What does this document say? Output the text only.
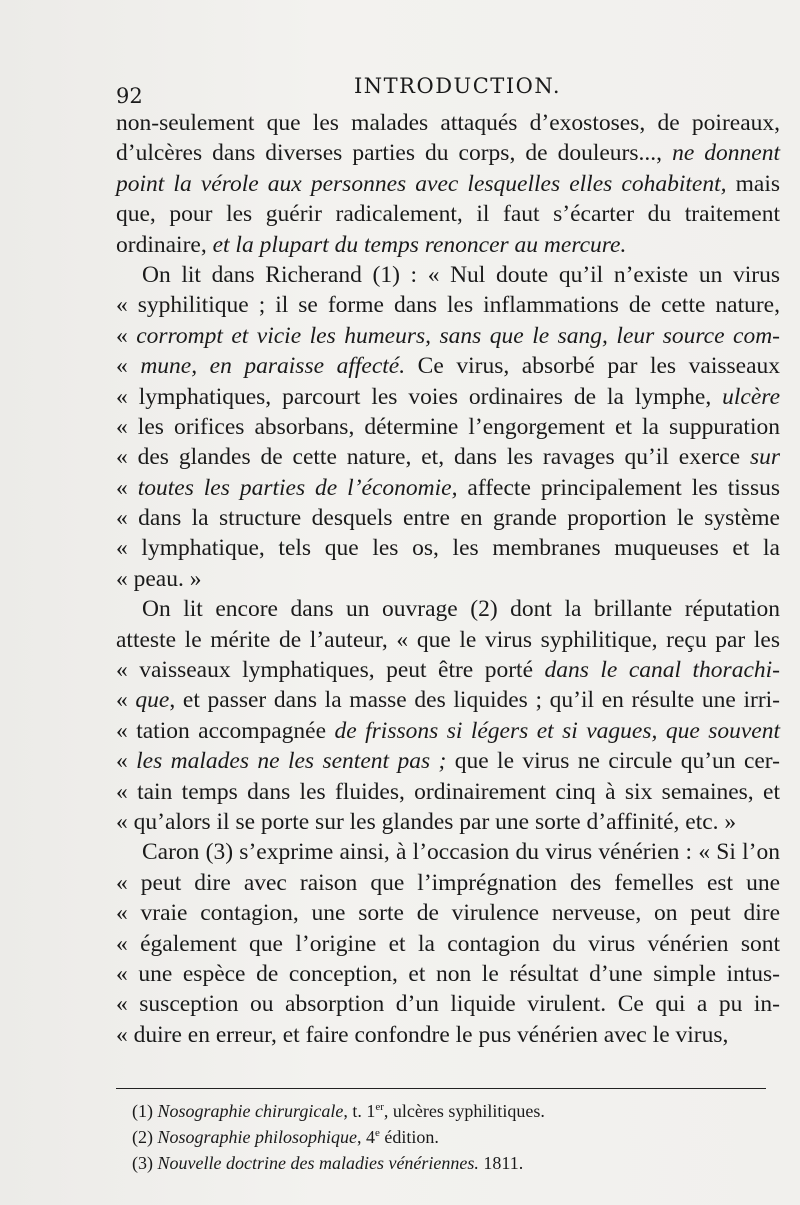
92	INTRODUCTION.
non-seulement que les malades attaqués d’exostoses, de poireaux,
d’ulcères dans diverses parties du corps, de douleurs..., ne donnent
point la vérole aux personnes avec lesquelles elles cohabitent, mais
que, pour les guérir radicalement, il faut s’écarter du traitement
ordinaire, et la plupart du temps renoncer au mercure.
On lit dans Richerand (1) : « Nul doute qu’il n’existe un virus
« syphilitique ; il se forme dans les inflammations de cette nature,
« corrompt et vicie les humeurs, sans que le sang, leur source com-
« mune, en paraisse affecté. Ce virus, absorbé par les vaisseaux
« lymphatiques, parcourt les voies ordinaires de la lymphe, ulcère
« les orifices absorbans, détermine l’engorgement et la suppuration
« des glandes de cette nature, et, dans les ravages qu’il exerce sur
« toutes les parties de l’économie, affecte principalement les tissus
« dans la structure desquels entre en grande proportion le système
« lymphatique, tels que les os, les membranes muqueuses et la
« peau. »
On lit encore dans un ouvrage (2) dont la brillante réputation
atteste le mérite de l’auteur, « que le virus syphilitique, reçu par les
« vaisseaux lymphatiques, peut être porté dans le canal thorachi-
« que, et passer dans la masse des liquides ; qu’il en résulte une irri-
« tation accompagnée de frissons si légers et si vagues, que souvent
« les malades ne les sentent pas ; que le virus ne circule qu’un cer-
« tain temps dans les fluides, ordinairement cinq à six semaines, et
« qu’alors il se porte sur les glandes par une sorte d’affinité, etc. »
Caron (3) s’exprime ainsi, à l’occasion du virus vénérien : « Si l’on
« peut dire avec raison que l’imprégnation des femelles est une
« vraie contagion, une sorte de virulence nerveuse, on peut dire
« également que l’origine et la contagion du virus vénérien sont
« une espèce de conception, et non le résultat d’une simple intus-
« susception ou absorption d’un liquide virulent. Ce qui a pu in-
« duire en erreur, et faire confondre le pus vénérien avec le virus,
(1) Nosographie chirurgicale, t. 1er, ulcères syphilitiques.
(2) Nosographie philosophique, 4e édition.
(3) Nouvelle doctrine des maladies vénériennes. 1811.
